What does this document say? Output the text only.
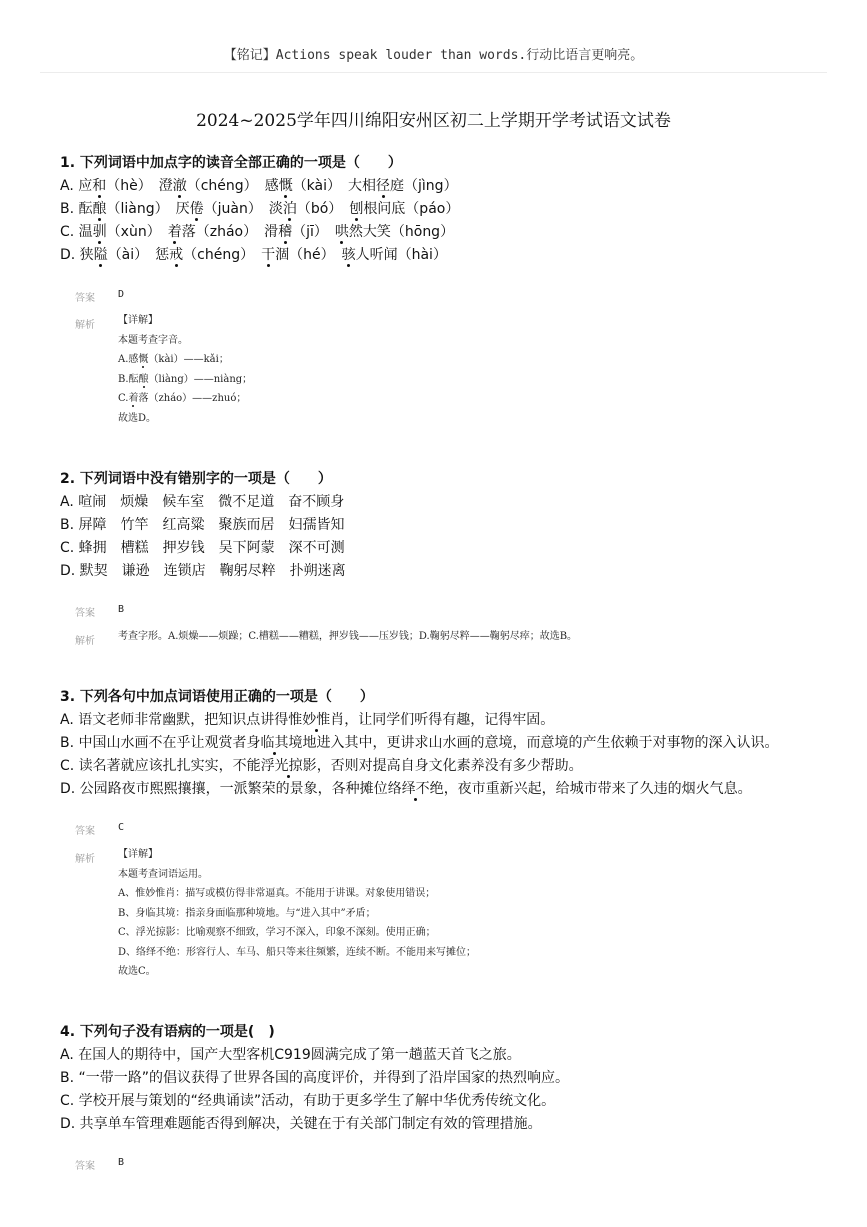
【铭记】Actions speak louder than words.行动比语言更响亮。
2024~2025学年四川绵阳安州区初二上学期开学考试语文试卷
1. 下列词语中加点字的读音全部正确的一项是（　　）
A. 应和（hè）　澄澈（chéng）　感慨（kài）　大相径庭（jìng）
B. 酝酿（liàng）　厌倦（juàn）　淡泊（bó）　刨根问底（páo）
C. 温驯（xùn）　着落（zháo）　滑稽（jī）　哄然大笑（hōng）
D. 狭隘（ài）　惩戒（chéng）　干涸（hé）　骇人听闻（hài）
答案 D
解析 【详解】
本题考查字音。
A.感慨（kài）——kǎi；
B.酝酿（liàng）——niàng；
C.着落（zháo）——zhuó；
故选D。
2. 下列词语中没有错别字的一项是（　　）
A. 喧闹　烦燥　候车室　微不足道　奋不顾身
B. 屏障　竹竿　红高粱　聚族而居　妇孺皆知
C. 蜂拥　槽糕　押岁钱　吴下阿蒙　深不可测
D. 默契　谦逊　连锁店　鞠躬尽粹　扑朔迷离
答案 B
解析 考查字形。A.烦燥——烦躁；C.槽糕——糟糕，押岁钱——压岁钱；D.鞠躬尽粹——鞠躬尽瘁；故选B。
3. 下列各句中加点词语使用正确的一项是（　　）
A. 语文老师非常幽默，把知识点讲得惟妙惟肖，让同学们听得有趣，记得牢固。
B. 中国山水画不在乎让观赏者身临其境地进入其中，更讲求山水画的意境，而意境的产生依赖于对事物的深入认识。
C. 读名著就应该扎扎实实，不能浮光掠影，否则对提高自身文化素养没有多少帮助。
D. 公园路夜市熙熙攘攘，一派繁荣的景象，各种摊位络绎不绝，夜市重新兴起，给城市带来了久违的烟火气息。
答案 C
解析 【详解】
本题考查词语运用。
A、惟妙惟肖：描写或模仿得非常逼真。不能用于讲课。对象使用错误；
B、身临其境：指亲身面临那种境地。与“进入其中”矛盾；
C、浮光掠影：比喻观察不细致，学习不深入，印象不深刻。使用正确；
D、络绎不绝：形容行人、车马、船只等来往频繁，连续不断。不能用来写摊位；
故选C。
4. 下列句子没有语病的一项是(　)
A. 在国人的期待中，国产大型客机C919圆满完成了第一趟蓝天首飞之旅。
B. “一带一路”的倡议获得了世界各国的高度评价，并得到了沿岸国家的热烈响应。
C. 学校开展与策划的“经典诵读”活动，有助于更多学生了解中华优秀传统文化。
D. 共享单车管理难题能否得到解决，关键在于有关部门制定有效的管理措施。
答案 B
